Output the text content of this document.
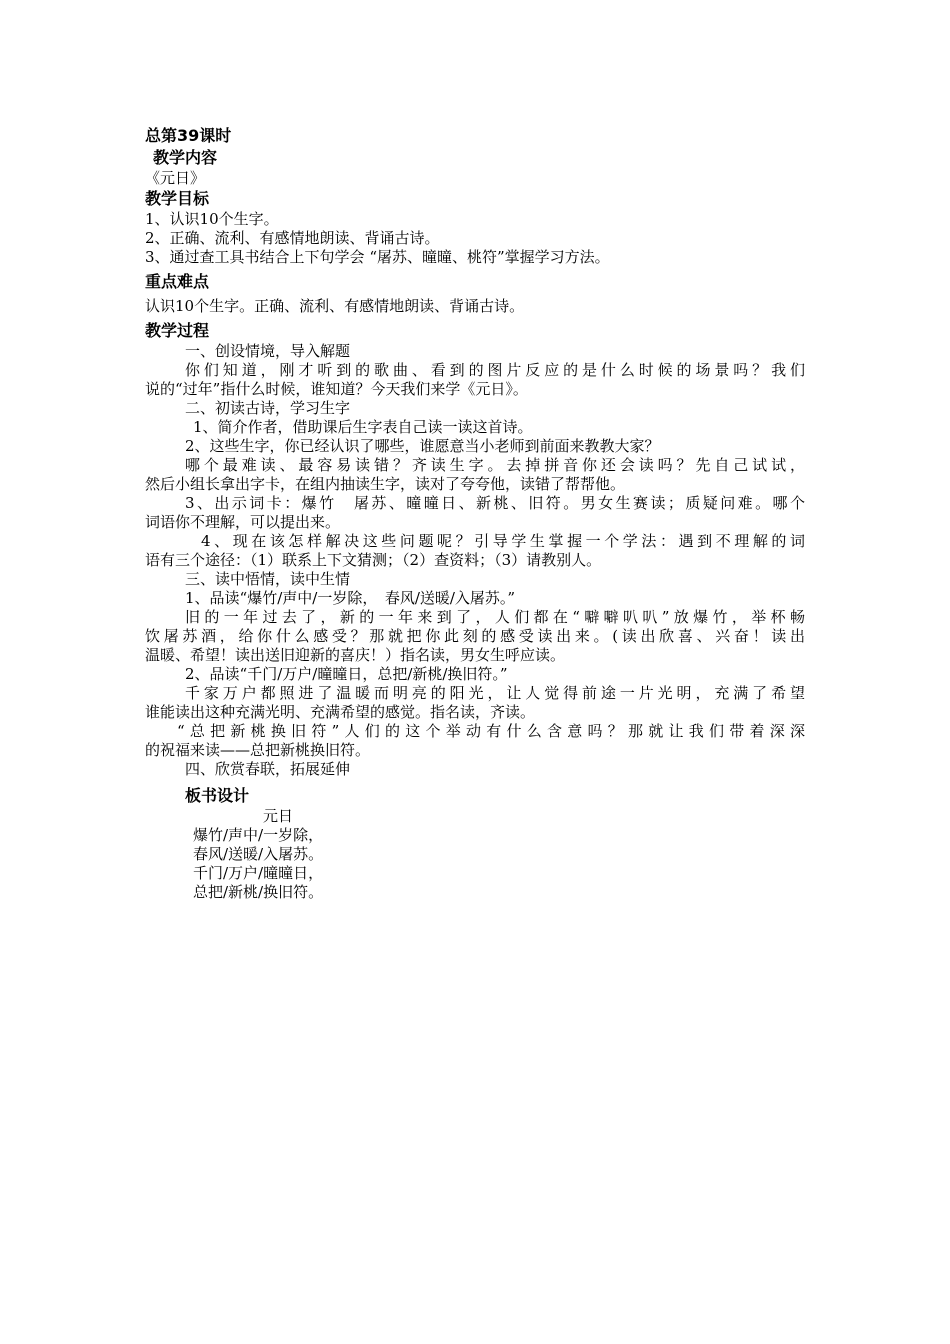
总第39课时
教学内容
《元日》
教学目标
1、认识10个生字。
2、正确、流利、有感情地朗读、背诵古诗。
3、通过查工具书结合上下句学会 “屠苏、曈曈、桃符”掌握学习方法。
重点难点
认识10个生字。正确、流利、有感情地朗读、背诵古诗。
教学过程
一、创设情境，导入解题
你们知道，刚才听到的歌曲、看到的图片反应的是什么时候的场景吗？我们
说的“过年”指什么时候，谁知道？今天我们来学《元日》。
二、初读古诗，学习生字
1、简介作者，借助课后生字表自己读一读这首诗。
2、这些生字，你已经认识了哪些，谁愿意当小老师到前面来教教大家？
哪个最难读、最容易读错？齐读生字。去掉拼音你还会读吗？先自己试试，
然后小组长拿出字卡，在组内抽读生字，读对了夸夸他，读错了帮帮他。
3、出示词卡：爆竹　屠苏、曈曈日、新桃、旧符。男女生赛读；质疑问难。哪个
词语你不理解，可以提出来。
4、现在该怎样解决这些问题呢？引导学生掌握一个学法：遇到不理解的词
语有三个途径：（1）联系上下文猜测；（2）查资料；（3）请教别人。
三、读中悟情，读中生情
1、品读“爆竹/声中/一岁除，　春风/送暖/入屠苏。”
旧的一年过去了，新的一年来到了，人们都在“噼噼叭叭”放爆竹，举杯畅
饮屠苏酒，给你什么感受？那就把你此刻的感受读出来。(读出欣喜、兴奋！读出
温暖、希望！读出送旧迎新的喜庆！）指名读，男女生呼应读。
2、品读“千门/万户/曈曈日，总把/新桃/换旧符。”
千家万户都照进了温暖而明亮的阳光，让人觉得前途一片光明，充满了希望
谁能读出这种充满光明、充满希望的感觉。指名读，齐读。
“总把新桃换旧符”人们的这个举动有什么含意吗？那就让我们带着深深
的祝福来读——总把新桃换旧符。
四、欣赏春联，拓展延伸
板书设计
元日
爆竹/声中/一岁除，
春风/送暖/入屠苏。
千门/万户/曈曈日，
总把/新桃/换旧符。
